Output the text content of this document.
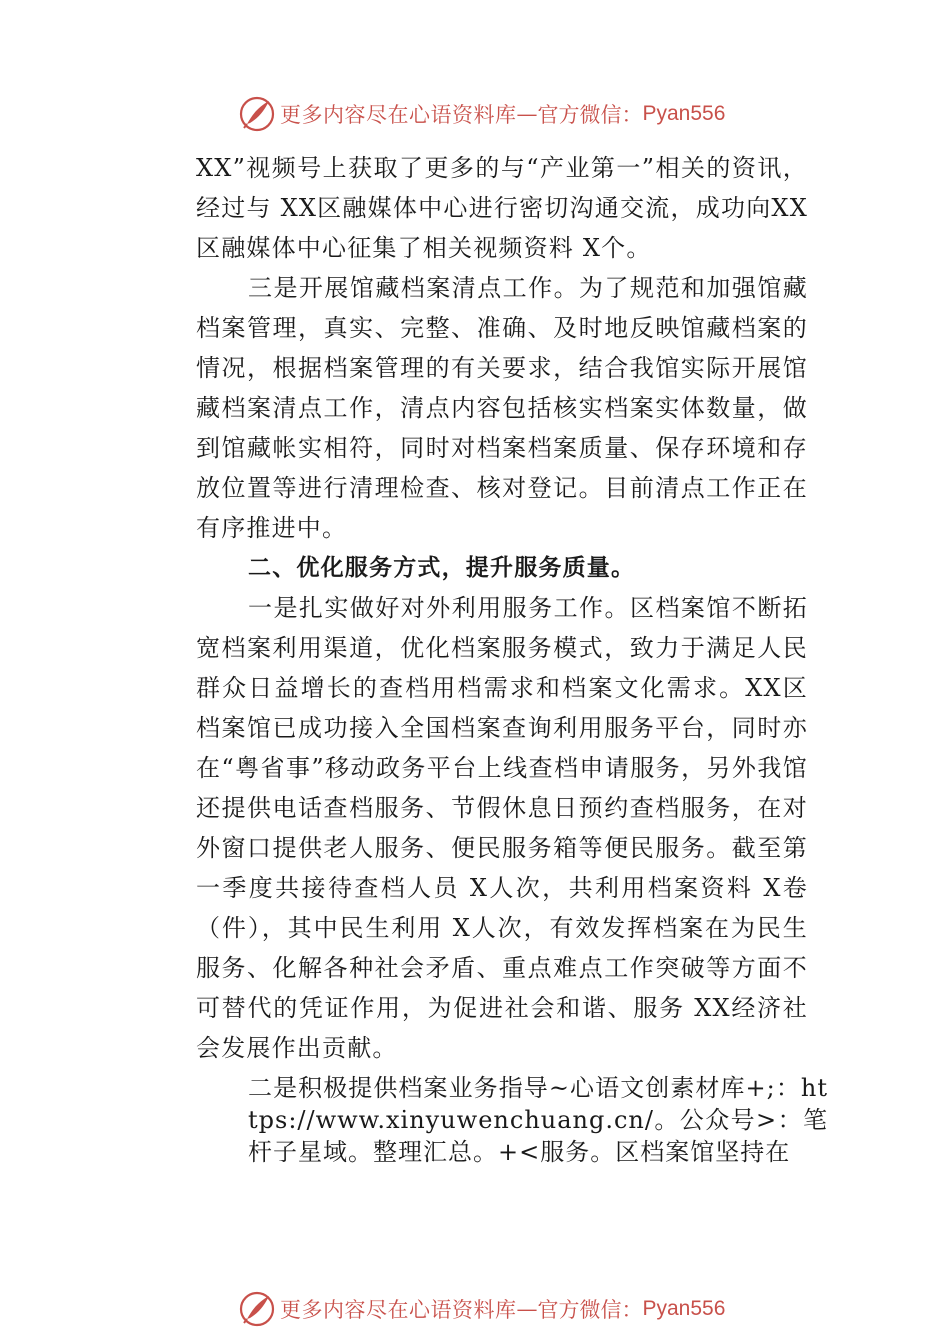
更多内容尽在心语资料库 — 官方微信： Pyan556

XX”视频号上获取了更多的与“产业第一”相关的资讯，经过与 XX区融媒体中心进行密切沟通交流，成功向XX区融媒体中心征集了相关视频资料 X个。

三是开展馆藏档案清点工作。为了规范和加强馆藏档案管理，真实、完整、准确、及时地反映馆藏档案的情况，根据档案管理的有关要求，结合我馆实际开展馆藏档案清点工作，清点内容包括核实档案实体数量，做到馆藏帐实相符，同时对档案档案质量、保存环境和存放位置等进行清理检查、核对登记。目前清点工作正在有序推进中。

二、优化服务方式，提升服务质量。

一是扎实做好对外利用服务工作。区档案馆不断拓宽档案利用渠道，优化档案服务模式，致力于满足人民群众日益增长的查档用档需求和档案文化需求。XX区档案馆已成功接入全国档案查询利用服务平台，同时亦在“粤省事”移动政务平台上线查档申请服务，另外我馆还提供电话查档服务、节假休息日预约查档服务，在对外窗口提供老人服务、便民服务箱等便民服务。截至第一季度共接待查档人员 X人次，共利用档案资料 X卷（件），其中民生利用 X人次，有效发挥档案在为民生服务、化解各种社会矛盾、重点难点工作突破等方面不可替代的凭证作用，为促进社会和谐、服务 XX经济社会发展作出贡献。

二是积极提供档案业务指导~心语文创素材库+;：https://www.xinyuwenchuang.cn/。公众号>：笔杆子星域。整理汇总。+<服务。区档案馆坚持在

更多内容尽在心语资料库 — 官方微信： Pyan556
